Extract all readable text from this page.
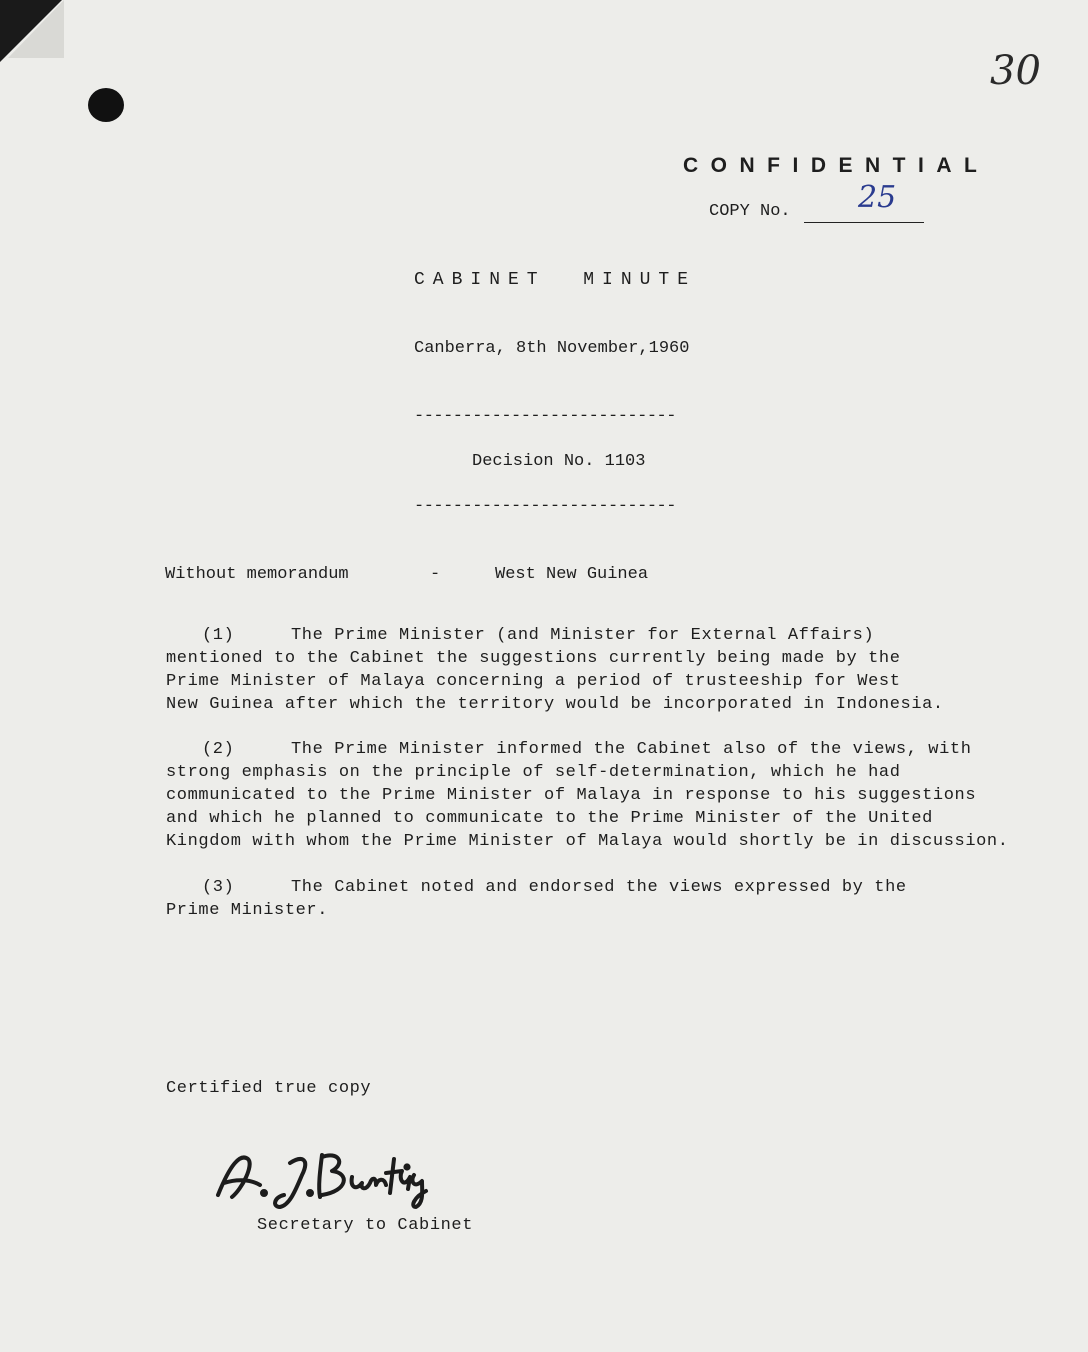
30
CONFIDENTIAL
COPY No. 25
CABINET  MINUTE
Canberra, 8th November,1960
---------------------------
Decision No. 1103
---------------------------

Without memorandum

	-

	West New Guinea

(1)	The Prime Minister (and Minister for External Affairs)
mentioned to the Cabinet the suggestions currently being made by the
Prime Minister of Malaya concerning a period of trusteeship for West
New Guinea after which the territory would be incorporated in Indonesia.
(2)	The Prime Minister informed the Cabinet also of the views, with
strong emphasis on the principle of self-determination, which he had
communicated to the Prime Minister of Malaya in response to his suggestions
and which he planned to communicate to the Prime Minister of the United
Kingdom with whom the Prime Minister of Malaya would shortly be in discussion.
(3)	The Cabinet noted and endorsed the views expressed by the
Prime Minister.
Certified true copy
Secretary to Cabinet
